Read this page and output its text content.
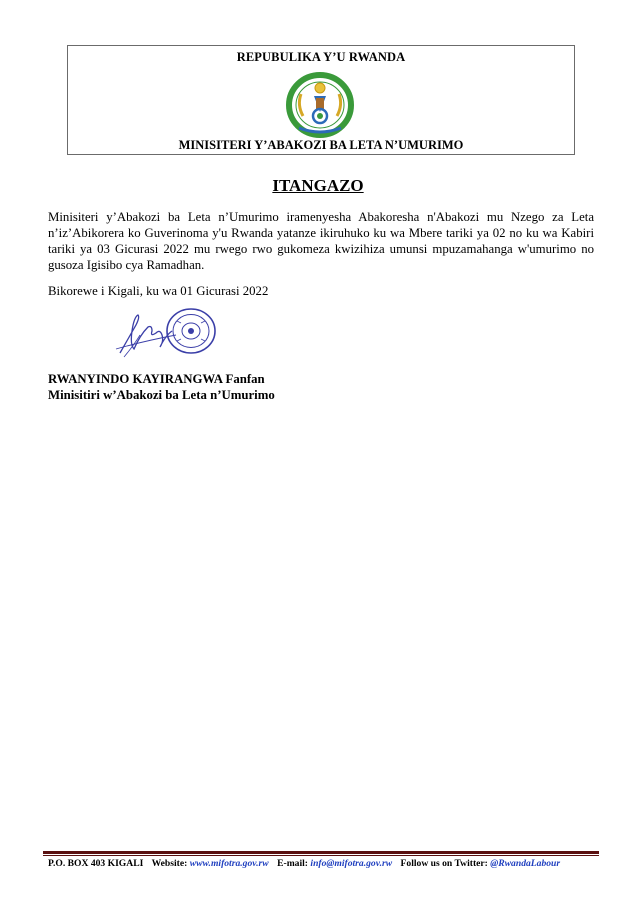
REPUBULIKA Y’U RWANDA
MINISITERI Y’ABAKOZI BA LETA N’UMURIMO
ITANGAZO
Minisiteri y’Abakozi ba Leta n’Umurimo iramenyesha Abakoresha n'Abakozi mu Nzego za Leta n’iz’Abikorera ko Guverinoma y'u Rwanda yatanze ikiruhuko ku wa Mbere tariki ya 02 no ku wa Kabiri tariki ya 03 Gicurasi 2022 mu rwego rwo gukomeza kwizihiza umunsi mpuzamahanga w'umurimo no gusoza Igisibo cya Ramadhan.
Bikorewe i Kigali, ku wa 01 Gicurasi 2022
RWANYINDO KAYIRANGWA Fanfan
Minisitiri w’Abakozi ba Leta n’Umurimo
P.O. BOX 403 KIGALI Website: www.mifotra.gov.rw E-mail: info@mifotra.gov.rw Follow us on Twitter: @RwandaLabour
